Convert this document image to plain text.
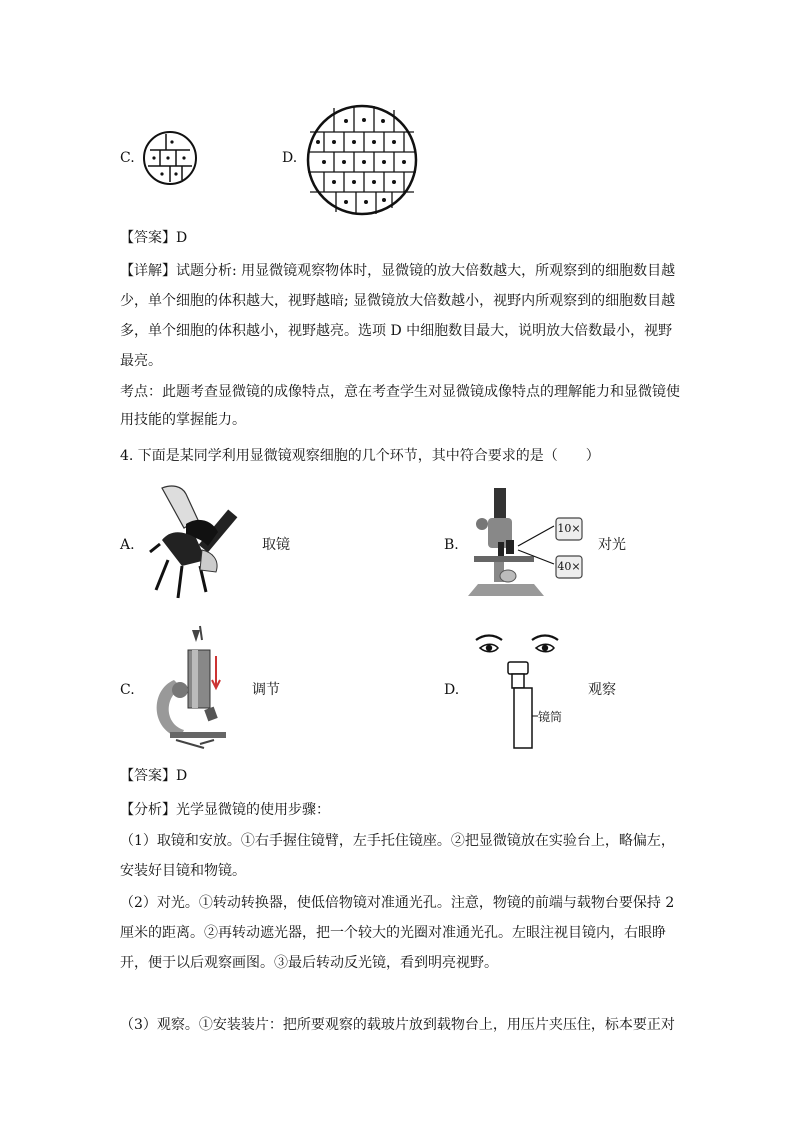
C.	D.
【答案】D
【详解】试题分析: 用显微镜观察物体时，显微镜的放大倍数越大，所观察到的细胞数目越少，单个细胞的体积越大，视野越暗; 显微镜放大倍数越小，视野内所观察到的细胞数目越多，单个细胞的体积越小，视野越亮。选项 D 中细胞数目最大，说明放大倍数最小，视野最亮。
考点：此题考查显微镜的成像特点，意在考查学生对显微镜成像特点的理解能力和显微镜使用技能的掌握能力。
4. 下面是某同学利用显微镜观察细胞的几个环节，其中符合要求的是（　　）
A.	取镜	B.
10×
40×
对光
C.	调节	D.
镜筒
观察
【答案】D
【分析】光学显微镜的使用步骤：
（1）取镜和安放。①右手握住镜臂，左手托住镜座。②把显微镜放在实验台上，略偏左，安装好目镜和物镜。
（2）对光。①转动转换器，使低倍物镜对准通光孔。注意，物镜的前端与载物台要保持 2 厘米的距离。②再转动遮光器，把一个较大的光圈对准通光孔。左眼注视目镜内，右眼睁开，便于以后观察画图。③最后转动反光镜，看到明亮视野。
（3）观察。①安装装片：把所要观察的载玻片放到载物台上，用压片夹压住，标本要正对
